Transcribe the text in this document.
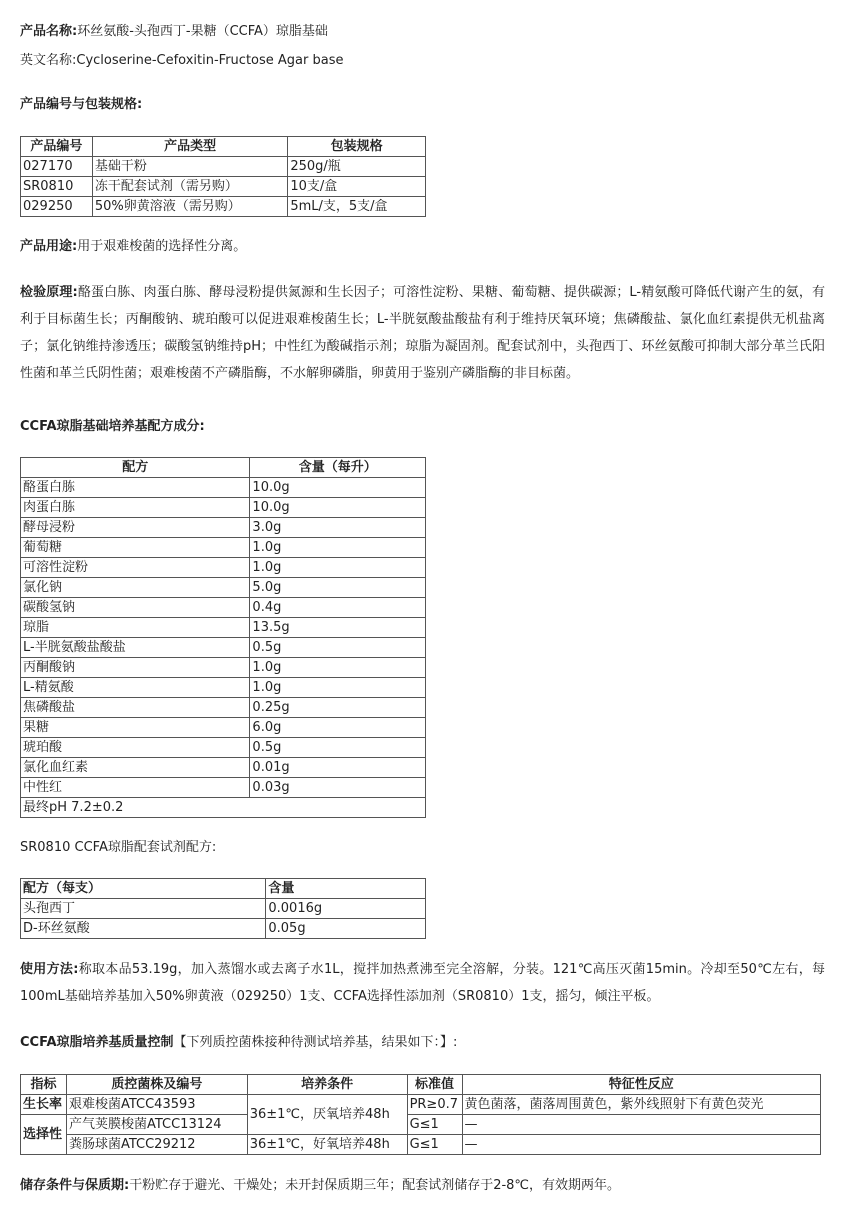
产品名称:环丝氨酸-头孢西丁-果糖（CCFA）琼脂基础
英文名称:Cycloserine-Cefoxitin-Fructose Agar base
产品编号与包装规格:
产品编号	产品类型	包装规格
027170	基础干粉	250g/瓶
SR0810	冻干配套试剂（需另购）	10支/盒
029250	50%卵黄溶液（需另购）	5mL/支，5支/盒
产品用途:用于艰难梭菌的选择性分离。
检验原理:酪蛋白胨、肉蛋白胨、酵母浸粉提供氮源和生长因子；可溶性淀粉、果糖、葡萄糖、提供碳源；L-精氨酸可降低代谢产生的氨，有利于目标菌生长；丙酮酸钠、琥珀酸可以促进艰难梭菌生长；L-半胱氨酸盐酸盐有利于维持厌氧环境；焦磷酸盐、氯化血红素提供无机盐离子；氯化钠维持渗透压；碳酸氢钠维持pH；中性红为酸碱指示剂；琼脂为凝固剂。配套试剂中，头孢西丁、环丝氨酸可抑制大部分革兰氏阳性菌和革兰氏阴性菌；艰难梭菌不产磷脂酶，不水解卵磷脂，卵黄用于鉴别产磷脂酶的非目标菌。
CCFA琼脂基础培养基配方成分:
配方	含量（每升）
酪蛋白胨	10.0g
肉蛋白胨	10.0g
酵母浸粉	3.0g
葡萄糖	1.0g
可溶性淀粉	1.0g
氯化钠	5.0g
碳酸氢钠	0.4g
琼脂	13.5g
L-半胱氨酸盐酸盐	0.5g
丙酮酸钠	1.0g
L-精氨酸	1.0g
焦磷酸盐	0.25g
果糖	6.0g
琥珀酸	0.5g
氯化血红素	0.01g
中性红	0.03g
最终pH 7.2±0.2	
SR0810 CCFA琼脂配套试剂配方:
配方（每支）	含量
头孢西丁	0.0016g
D-环丝氨酸	0.05g
使用方法:称取本品53.19g，加入蒸馏水或去离子水1L，搅拌加热煮沸至完全溶解，分装。121℃高压灭菌15min。冷却至50℃左右，每100mL基础培养基加入50%卵黄液（029250）1支、CCFA选择性添加剂（SR0810）1支，摇匀，倾注平板。
CCFA琼脂培养基质量控制【下列质控菌株接种待测试培养基，结果如下：】:
指标	质控菌株及编号	培养条件	标准值	特征性反应
生长率	艰难梭菌ATCC43593	36±1℃，厌氧培养48h	PR≥0.7	黄色菌落，菌落周围黄色，紫外线照射下有黄色荧光
选择性	产气荚膜梭菌ATCC13124		G≤1	—
	粪肠球菌ATCC29212	36±1℃，好氧培养48h	G≤1	—
储存条件与保质期:干粉贮存于避光、干燥处；未开封保质期三年；配套试剂储存于2-8℃，有效期两年。
